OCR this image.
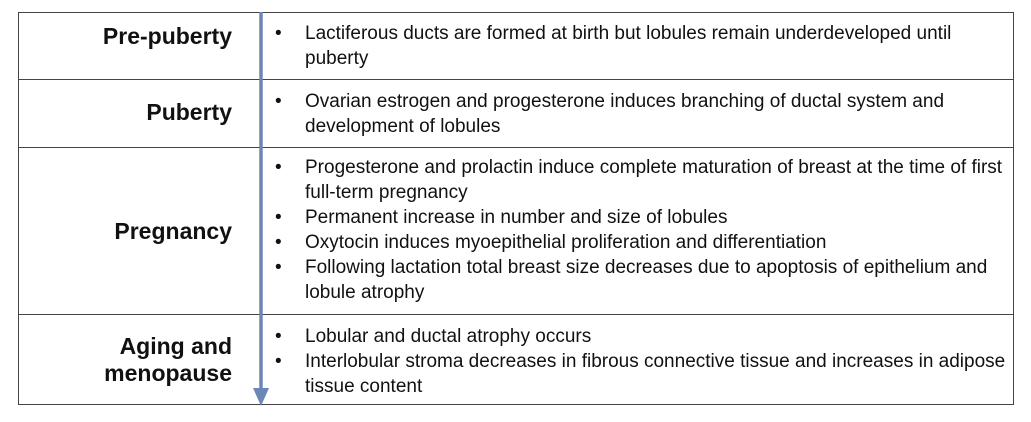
Pre-puberty	• Lactiferous ducts are formed at birth but lobules remain underdeveloped until puberty
Puberty	• Ovarian estrogen and progesterone induces branching of ductal system and development of lobules
Pregnancy
• Progesterone and prolactin induce complete maturation of breast at the time of first full-term pregnancy
• Permanent increase in number and size of lobules
• Oxytocin induces myoepithelial proliferation and differentiation
• Following lactation total breast size decreases due to apoptosis of epithelium and lobule atrophy
Aging and
menopause
• Lobular and ductal atrophy occurs
• Interlobular stroma decreases in fibrous connective tissue and increases in adipose tissue content
